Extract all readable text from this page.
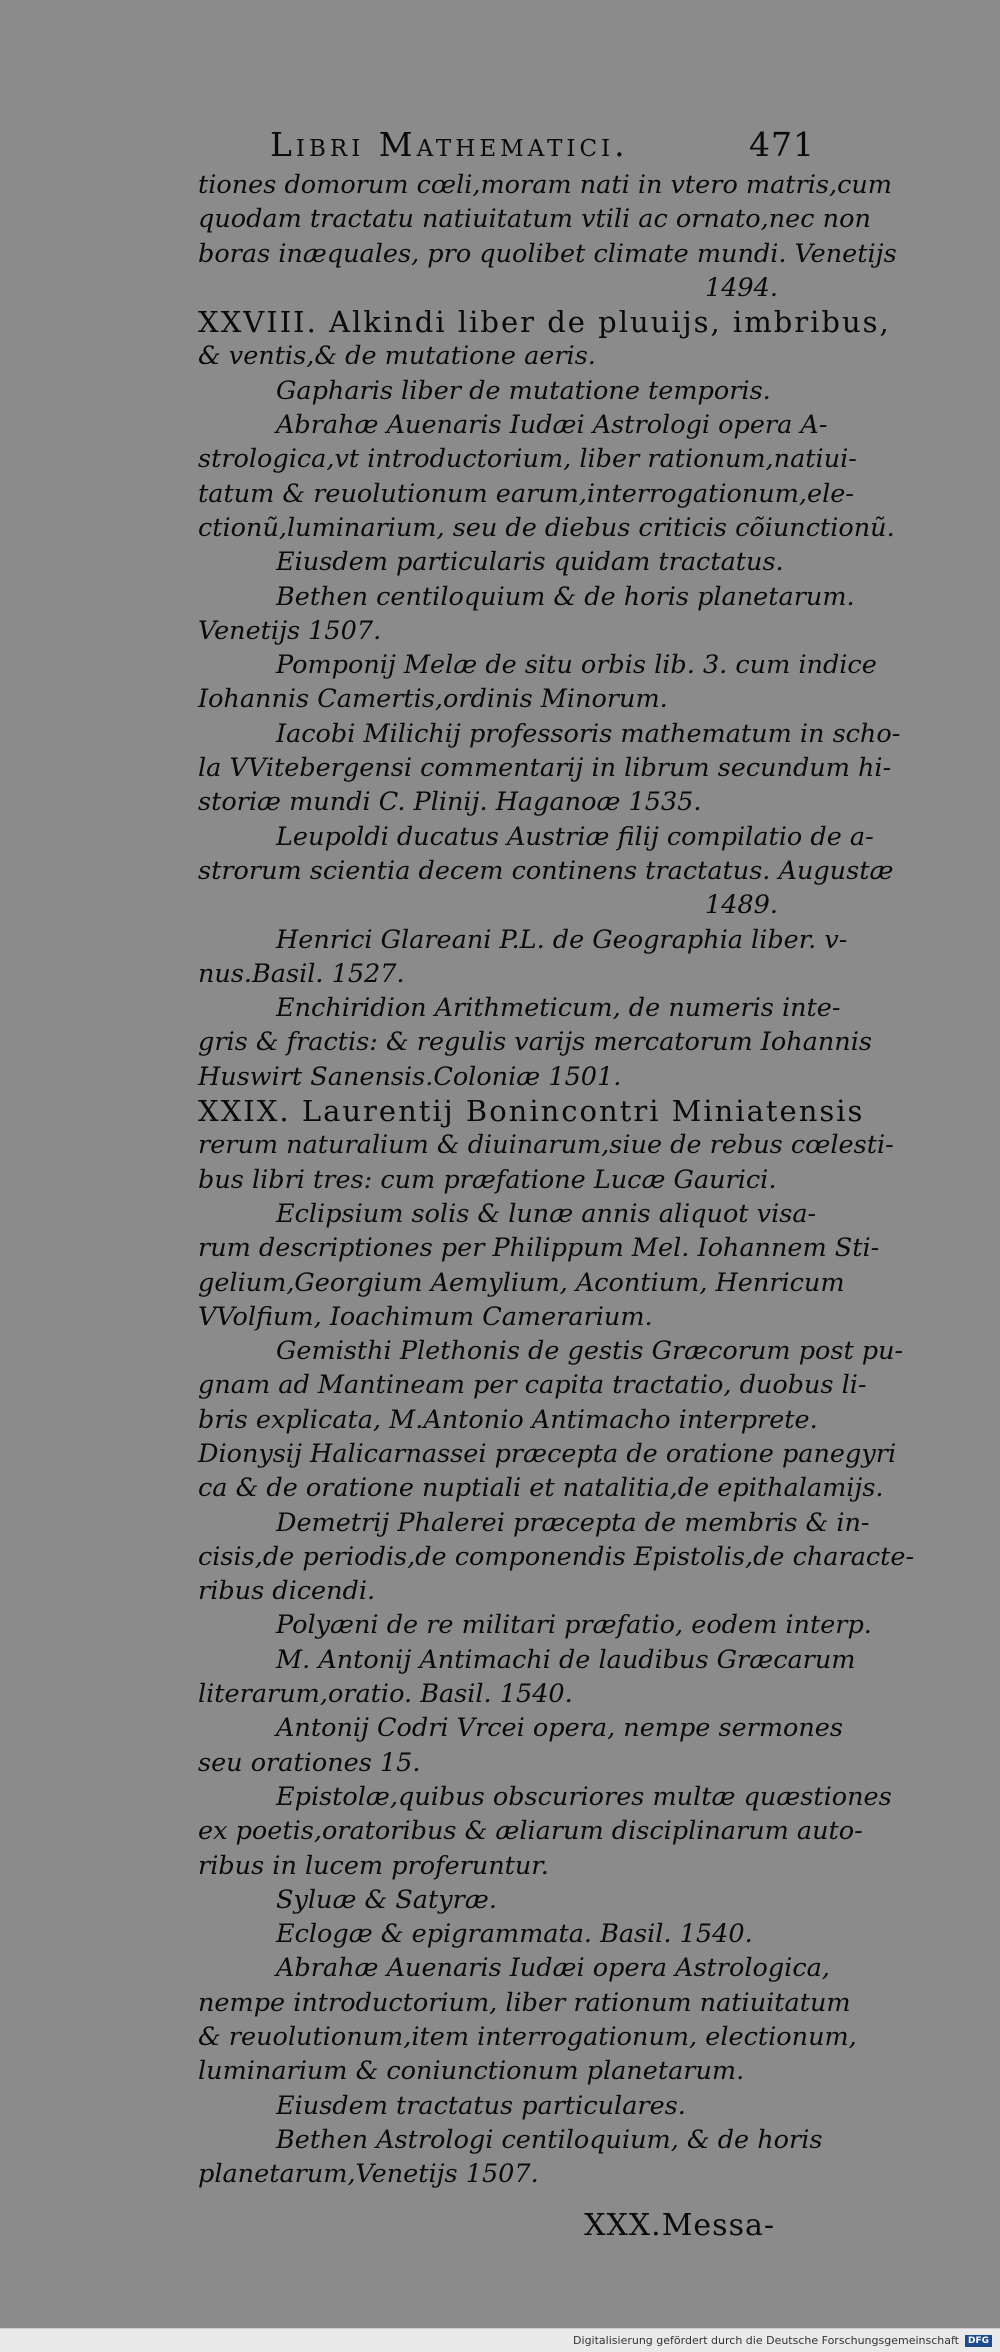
Libri Mathematici.	471
tiones domorum cœli,moram nati in vtero matris,cum
quodam tractatu natiuitatum vtili ac ornato,nec non
boras inæquales, pro quolibet climate mundi. Venetijs
1494.
XXVIII. Alkindi liber de pluuijs, imbribus,
& ventis,& de mutatione aeris.
Gapharis liber de mutatione temporis.
Abrahæ Auenaris Iudæi Astrologi opera A-
strologica,vt introductorium, liber rationum,natiui-
tatum & reuolutionum earum,interrogationum,ele-
ctionũ,luminarium, seu de diebus criticis cõiunctionũ.
Eiusdem particularis quidam tractatus.
Bethen centiloquium & de horis planetarum.
Venetijs 1507.
Pomponij Melæ de situ orbis lib. 3. cum indice
Iohannis Camertis,ordinis Minorum.
Iacobi Milichij professoris mathematum in scho-
la VVitebergensi commentarij in librum secundum hi-
storiæ mundi C. Plinij. Haganoæ 1535.
Leupoldi ducatus Austriæ filij compilatio de a-
strorum scientia decem continens tractatus. Augustæ
1489.
Henrici Glareani P.L. de Geographia liber. v-
nus.Basil. 1527.
Enchiridion Arithmeticum, de numeris inte-
gris & fractis: & regulis varijs mercatorum Iohannis
Huswirt Sanensis.Coloniæ 1501.
XXIX. Laurentij Bonincontri Miniatensis
rerum naturalium & diuinarum,siue de rebus cœlesti-
bus libri tres: cum præfatione Lucæ Gaurici.
Eclipsium solis & lunæ annis aliquot visa-
rum descriptiones per Philippum Mel. Iohannem Sti-
gelium,Georgium Aemylium, Acontium, Henricum
VVolfium, Ioachimum Camerarium.
Gemisthi Plethonis de gestis Græcorum post pu-
gnam ad Mantineam per capita tractatio, duobus li-
bris explicata, M.Antonio Antimacho interprete.
Dionysij Halicarnassei præcepta de oratione panegyri
ca & de oratione nuptiali et natalitia,de epithalamijs.
Demetrij Phalerei præcepta de membris & in-
cisis,de periodis,de componendis Epistolis,de characte-
ribus dicendi.
Polyæni de re militari præfatio, eodem interp.
M. Antonij Antimachi de laudibus Græcarum
literarum,oratio. Basil. 1540.
Antonij Codri Vrcei opera, nempe sermones
seu orationes 15.
Epistolæ,quibus obscuriores multæ quæstiones
ex poetis,oratoribus & æliarum disciplinarum auto-
ribus in lucem proferuntur.
Syluæ & Satyræ.
Eclogæ & epigrammata. Basil. 1540.
Abrahæ Auenaris Iudæi opera Astrologica,
nempe introductorium, liber rationum natiuitatum
& reuolutionum,item interrogationum, electionum,
luminarium & coniunctionum planetarum.
Eiusdem tractatus particulares.
Bethen Astrologi centiloquium, & de horis
planetarum,Venetijs 1507.
XXX.Messa-
Digitalisierung gefördert durch die Deutsche Forschungsgemeinschaft	DFG
